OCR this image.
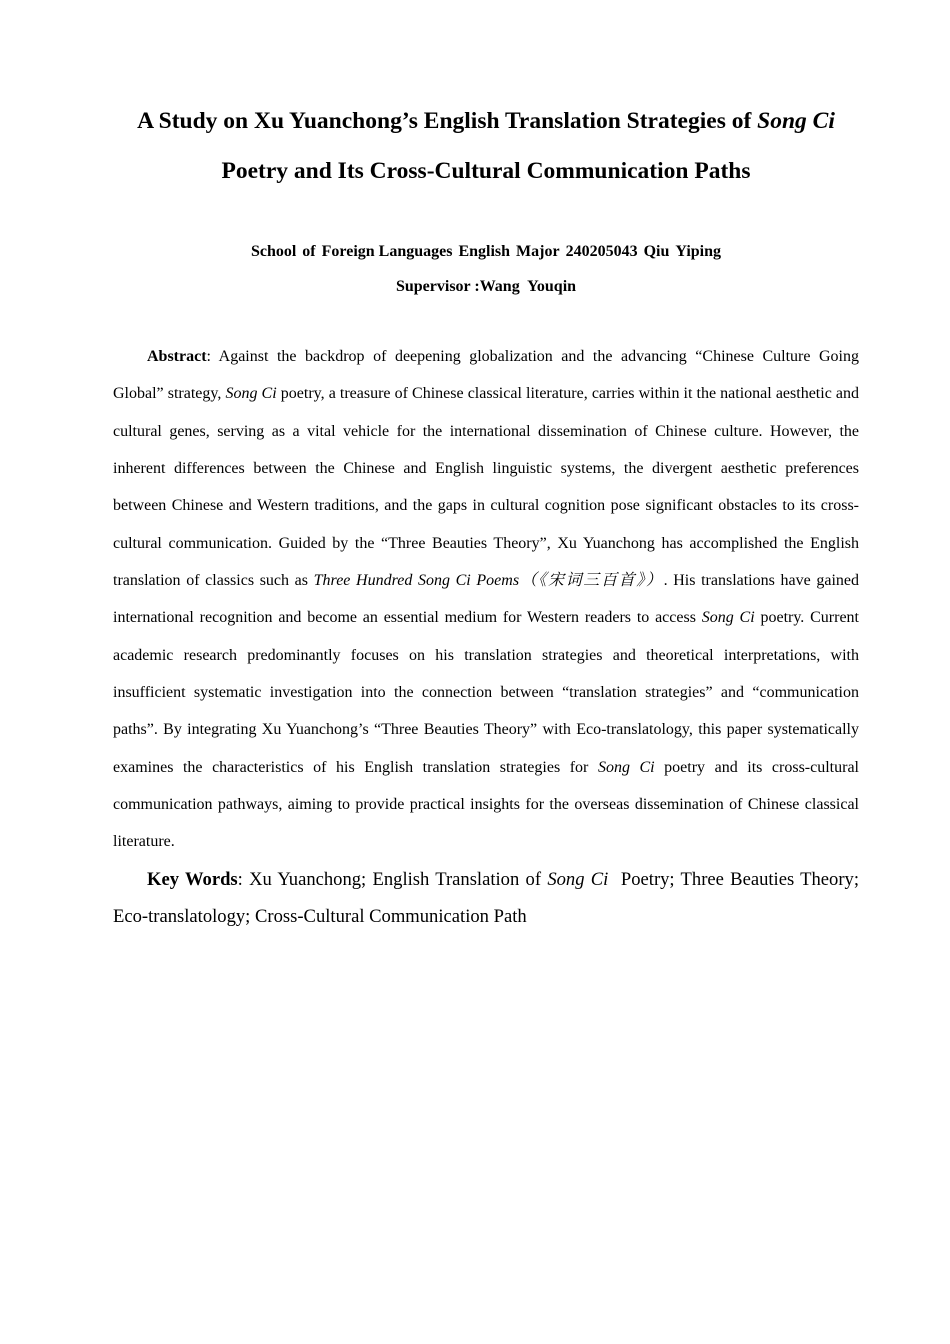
A Study on Xu Yuanchong’s English Translation Strategies of Song Ci
Poetry and Its Cross-Cultural Communication Paths
School of Foreign Languages English Major 240205043 Qiu Yiping
Supervisor :Wang  Youqin

Abstract: Against the backdrop of deepening globalization and the advancing “Chinese Culture Going Global” strategy, Song Ci poetry, a treasure of Chinese classical literature, carries within it the national aesthetic and cultural genes, serving as a vital vehicle for the international dissemination of Chinese culture. However, the inherent differences between the Chinese and English linguistic systems, the divergent aesthetic preferences between Chinese and Western traditions, and the gaps in cultural cognition pose significant obstacles to its cross-cultural communication. Guided by the “Three Beauties Theory”, Xu Yuanchong has accomplished the English translation of classics such as Three Hundred Song Ci Poems（《宋词三百首》）. His translations have gained international recognition and become an essential medium for Western readers to access Song Ci poetry. Current academic research predominantly focuses on his translation strategies and theoretical interpretations, with insufficient systematic investigation into the connection between “translation strategies” and “communication paths”. By integrating Xu Yuanchong’s “Three Beauties Theory” with Eco-translatology, this paper systematically examines the characteristics of his English translation strategies for Song Ci poetry and its cross-cultural communication pathways, aiming to provide practical insights for the overseas dissemination of Chinese classical literature.

Key Words: Xu Yuanchong; English Translation of Song Ci  Poetry; Three Beauties Theory; Eco-translatology; Cross-Cultural Communication Path
